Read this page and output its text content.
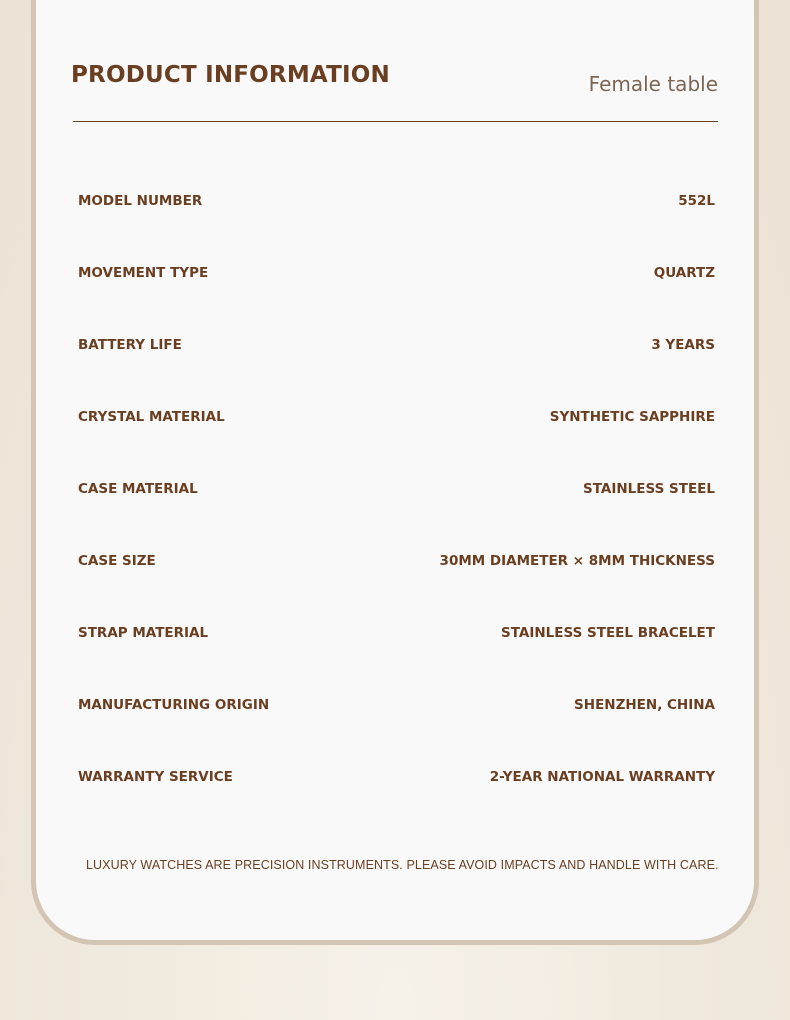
PRODUCT INFORMATION	Female table
MODEL NUMBER	552L
MOVEMENT TYPE	QUARTZ
BATTERY LIFE	3 YEARS
CRYSTAL MATERIAL	SYNTHETIC SAPPHIRE
CASE MATERIAL	STAINLESS STEEL
CASE SIZE	30MM DIAMETER × 8MM THICKNESS
STRAP MATERIAL	STAINLESS STEEL BRACELET
MANUFACTURING ORIGIN	SHENZHEN, CHINA
WARRANTY SERVICE	2-YEAR NATIONAL WARRANTY
LUXURY WATCHES ARE PRECISION INSTRUMENTS. PLEASE AVOID IMPACTS AND HANDLE WITH CARE.
